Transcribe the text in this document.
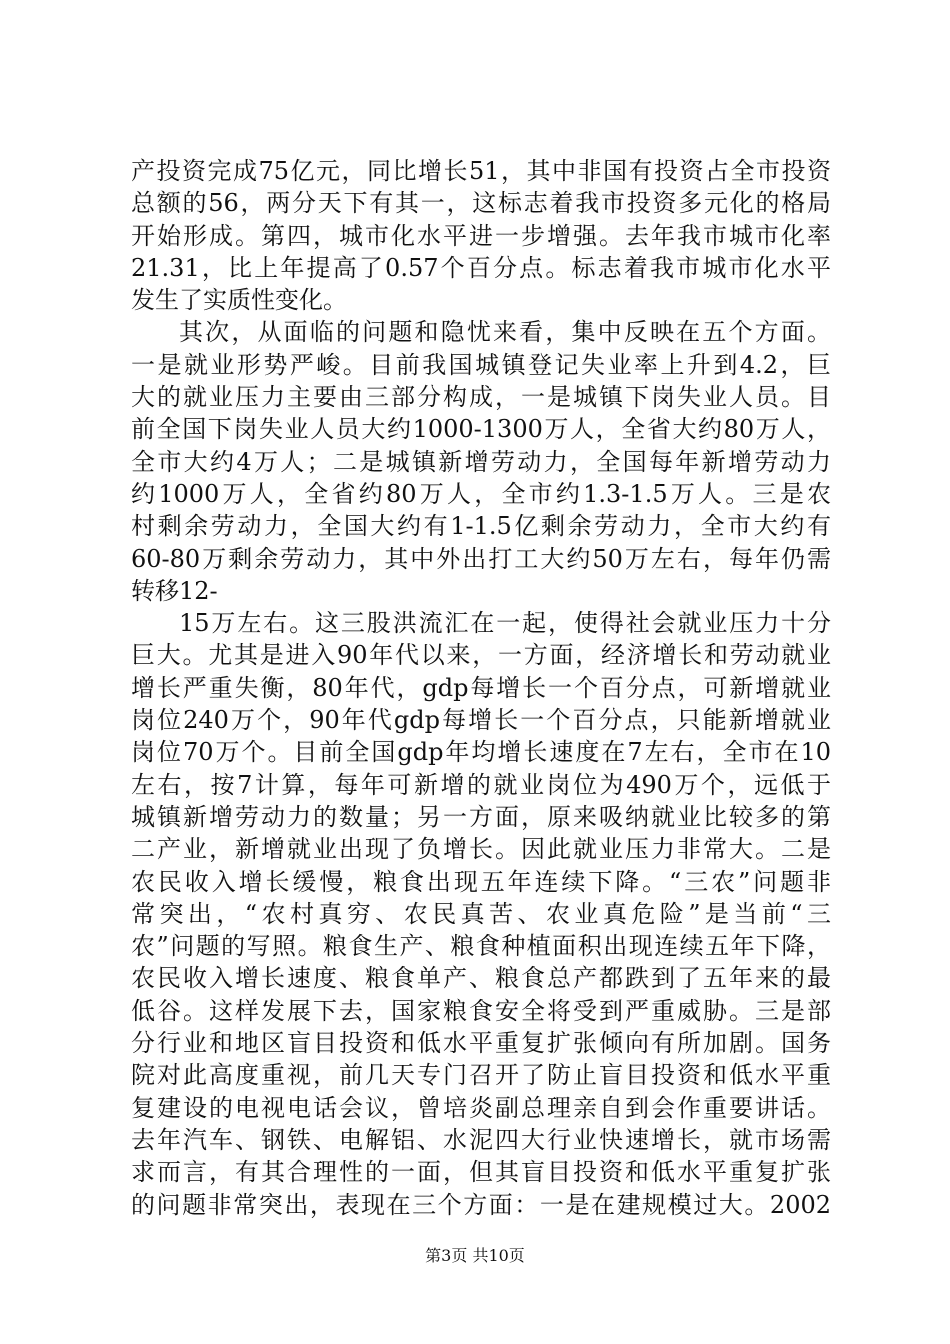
产投资完成75亿元，同比增长51，其中非国有投资占全市投资
总额的56，两分天下有其一，这标志着我市投资多元化的格局
开始形成。第四，城市化水平进一步增强。去年我市城市化率
21.31，比上年提高了0.57个百分点。标志着我市城市化水平
发生了实质性变化。
其次，从面临的问题和隐忧来看，集中反映在五个方面。
一是就业形势严峻。目前我国城镇登记失业率上升到4.2，巨
大的就业压力主要由三部分构成，一是城镇下岗失业人员。目
前全国下岗失业人员大约1000-1300万人，全省大约80万人，
全市大约4万人；二是城镇新增劳动力，全国每年新增劳动力
约1000万人，全省约80万人，全市约1.3-1.5万人。三是农
村剩余劳动力，全国大约有1-1.5亿剩余劳动力，全市大约有
60-80万剩余劳动力，其中外出打工大约50万左右，每年仍需
转移12-
15万左右。这三股洪流汇在一起，使得社会就业压力十分
巨大。尤其是进入90年代以来，一方面，经济增长和劳动就业
增长严重失衡，80年代，gdp每增长一个百分点，可新增就业
岗位240万个，90年代gdp每增长一个百分点，只能新增就业
岗位70万个。目前全国gdp年均增长速度在7左右，全市在10
左右，按7计算，每年可新增的就业岗位为490万个，远低于
城镇新增劳动力的数量；另一方面，原来吸纳就业比较多的第
二产业，新增就业出现了负增长。因此就业压力非常大。二是
农民收入增长缓慢，粮食出现五年连续下降。“三农”问题非
常突出，“农村真穷、农民真苦、农业真危险”是当前“三
农”问题的写照。粮食生产、粮食种植面积出现连续五年下降，
农民收入增长速度、粮食单产、粮食总产都跌到了五年来的最
低谷。这样发展下去，国家粮食安全将受到严重威胁。三是部
分行业和地区盲目投资和低水平重复扩张倾向有所加剧。国务
院对此高度重视，前几天专门召开了防止盲目投资和低水平重
复建设的电视电话会议，曾培炎副总理亲自到会作重要讲话。
去年汽车、钢铁、电解铝、水泥四大行业快速增长，就市场需
求而言，有其合理性的一面，但其盲目投资和低水平重复扩张
的问题非常突出，表现在三个方面：一是在建规模过大。2002
第3页 共10页
